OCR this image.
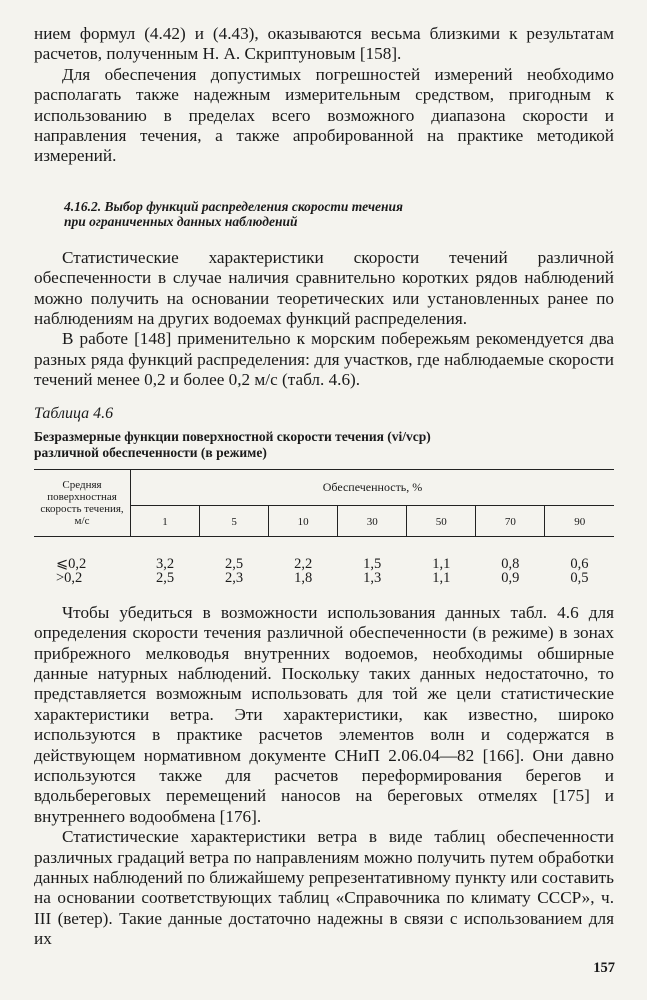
нием формул (4.42) и (4.43), оказываются весьма близкими к результатам расчетов, полученным Н. А. Скриптуновым [158].

Для обеспечения допустимых погрешностей измерений необходимо располагать также надежным измерительным средством, пригодным к использованию в пределах всего возможного диапазона скорости и направления течения, а также апробированной на практике методикой измерений.

4.16.2. Выбор функций распределения скорости течения
при ограниченных данных наблюдений

Статистические характеристики скорости течений различной обеспеченности в случае наличия сравнительно коротких рядов наблюдений можно получить на основании теоретических или установленных ранее по наблюдениям на других водоемах функций распределения.

В работе [148] применительно к морским побережьям рекомендуется два разных ряда функций распределения: для участков, где наблюдаемые скорости течений менее 0,2 и более 0,2 м/с (табл. 4.6).

Таблица 4.6
Безразмерные функции поверхностной скорости течения (vi/vср)
различной обеспеченности (в режиме)
Средняя поверхностная скорость течения, м/с	Обеспеченность, %						
	1	5	10	30	50	70	90
⩽0,2	3,2	2,5	2,2	1,5	1,1	0,8	0,6
>0,2	2,5	2,3	1,8	1,3	1,1	0,9	0,5

Чтобы убедиться в возможности использования данных табл. 4.6 для определения скорости течения различной обеспеченности (в режиме) в зонах прибрежного мелководья внутренних водоемов, необходимы обширные данные натурных наблюдений. Поскольку таких данных недостаточно, то представляется возможным использовать для той же цели статистические характеристики ветра. Эти характеристики, как известно, широко используются в практике расчетов элементов волн и содержатся в действующем нормативном документе СНиП 2.06.04—82 [166]. Они давно используются также для расчетов переформирования берегов и вдольбереговых перемещений наносов на береговых отмелях [175] и внутреннего водообмена [176].

Статистические характеристики ветра в виде таблиц обеспеченности различных градаций ветра по направлениям можно получить путем обработки данных наблюдений по ближайшему репрезентативному пункту или составить на основании соответствующих таблиц «Справочника по климату СССР», ч. III (ветер). Такие данные достаточно надежны в связи с использованием для их

157
